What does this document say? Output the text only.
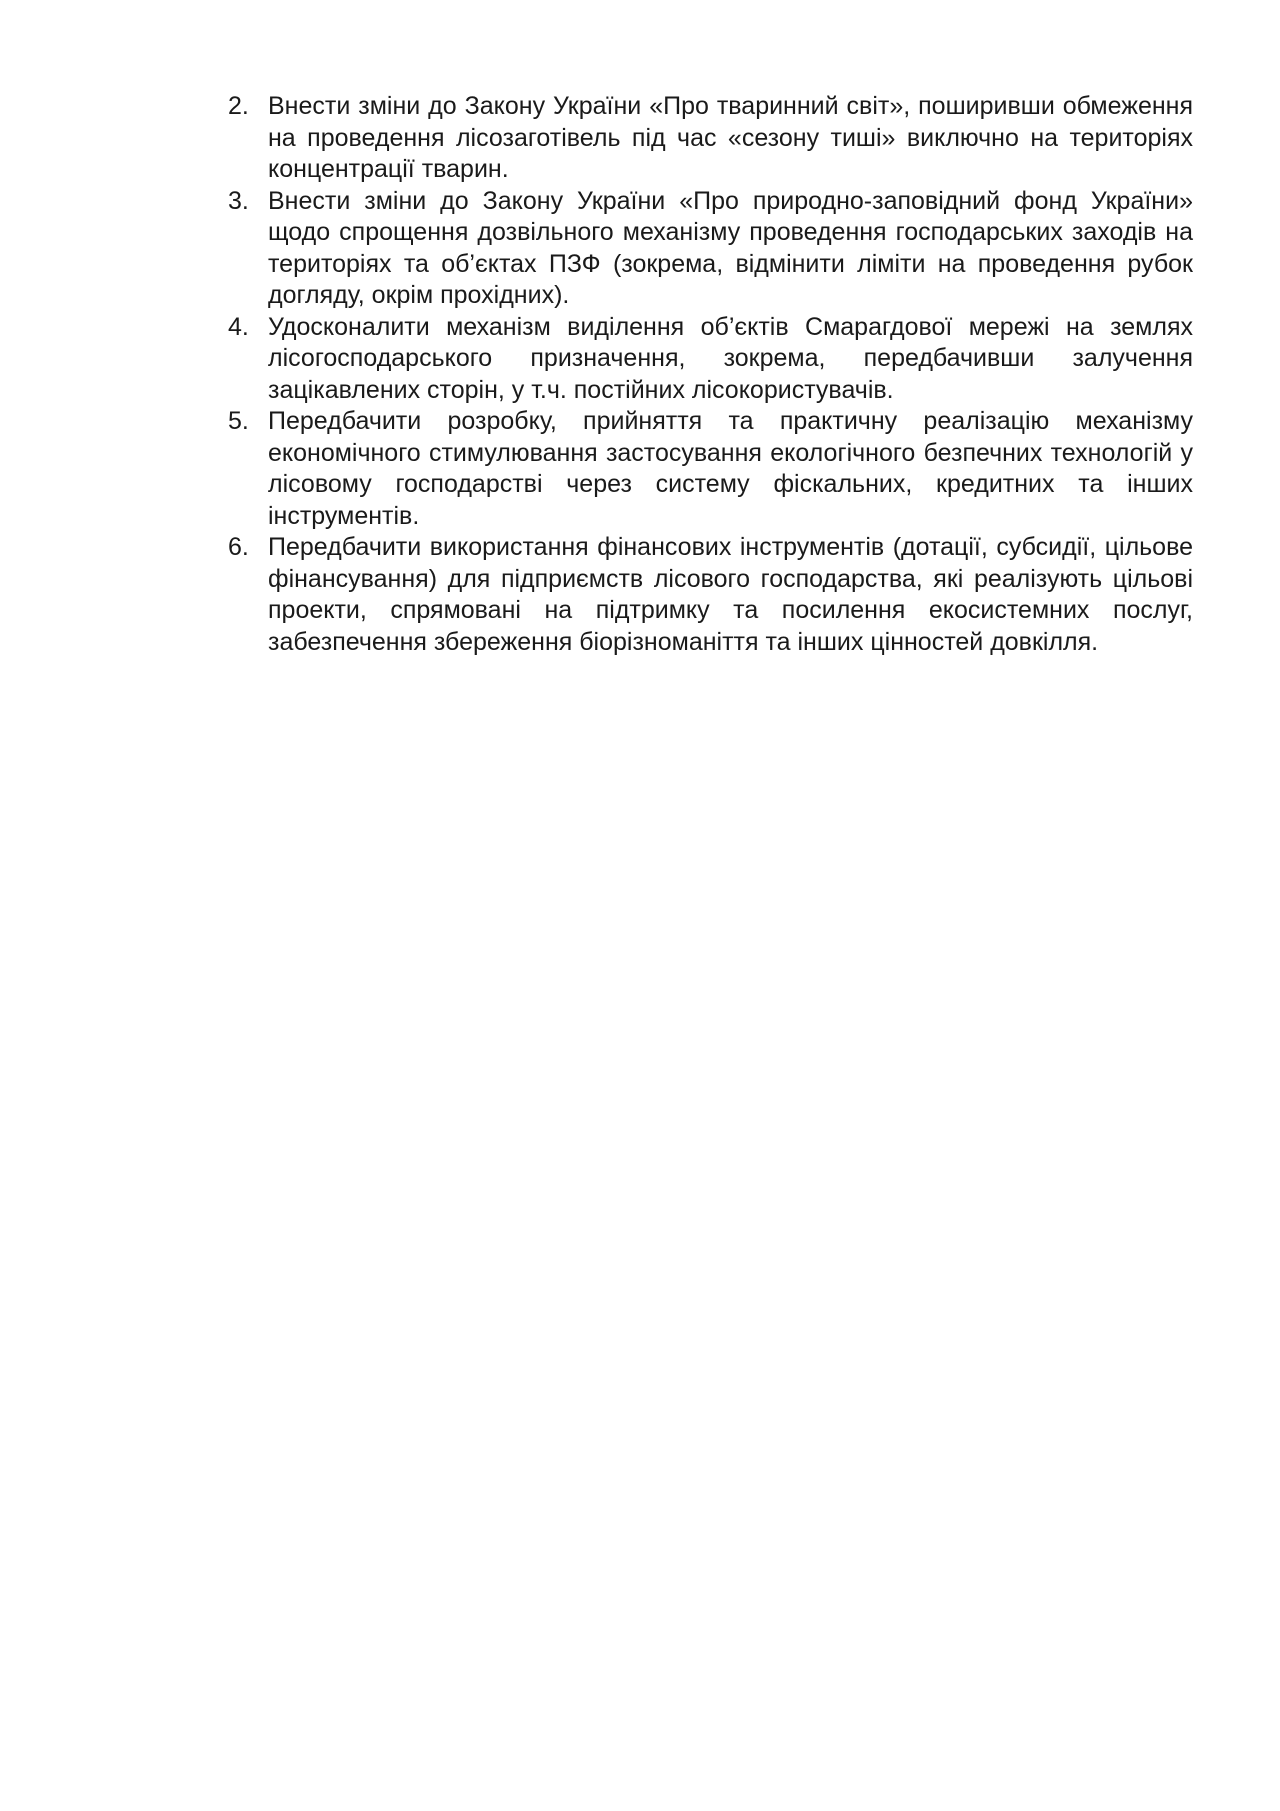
2. Внести зміни до Закону України «Про тваринний світ», поширивши обмеження на проведення лісозаготівель під час «сезону тиші» виключно на територіях концентрації тварин.
3. Внести зміни до Закону України «Про природно-заповідний фонд України» щодо спрощення дозвільного механізму проведення господарських заходів на територіях та об’єктах ПЗФ (зокрема, відмінити ліміти на проведення рубок догляду, окрім прохідних).
4. Удосконалити механізм виділення об’єктів Смарагдової мережі на землях лісогосподарського призначення, зокрема, передбачивши залучення зацікавлених сторін, у т.ч. постійних лісокористувачів.
5. Передбачити розробку, прийняття та практичну реалізацію механізму економічного стимулювання застосування екологічного безпечних технологій у лісовому господарстві через систему фіскальних, кредитних та інших інструментів.
6. Передбачити використання фінансових інструментів (дотації, субсидії, цільове фінансування) для підприємств лісового господарства, які реалізують цільові проекти, спрямовані на підтримку та посилення екосистемних послуг, забезпечення збереження біорізноманіття та інших цінностей довкілля.
